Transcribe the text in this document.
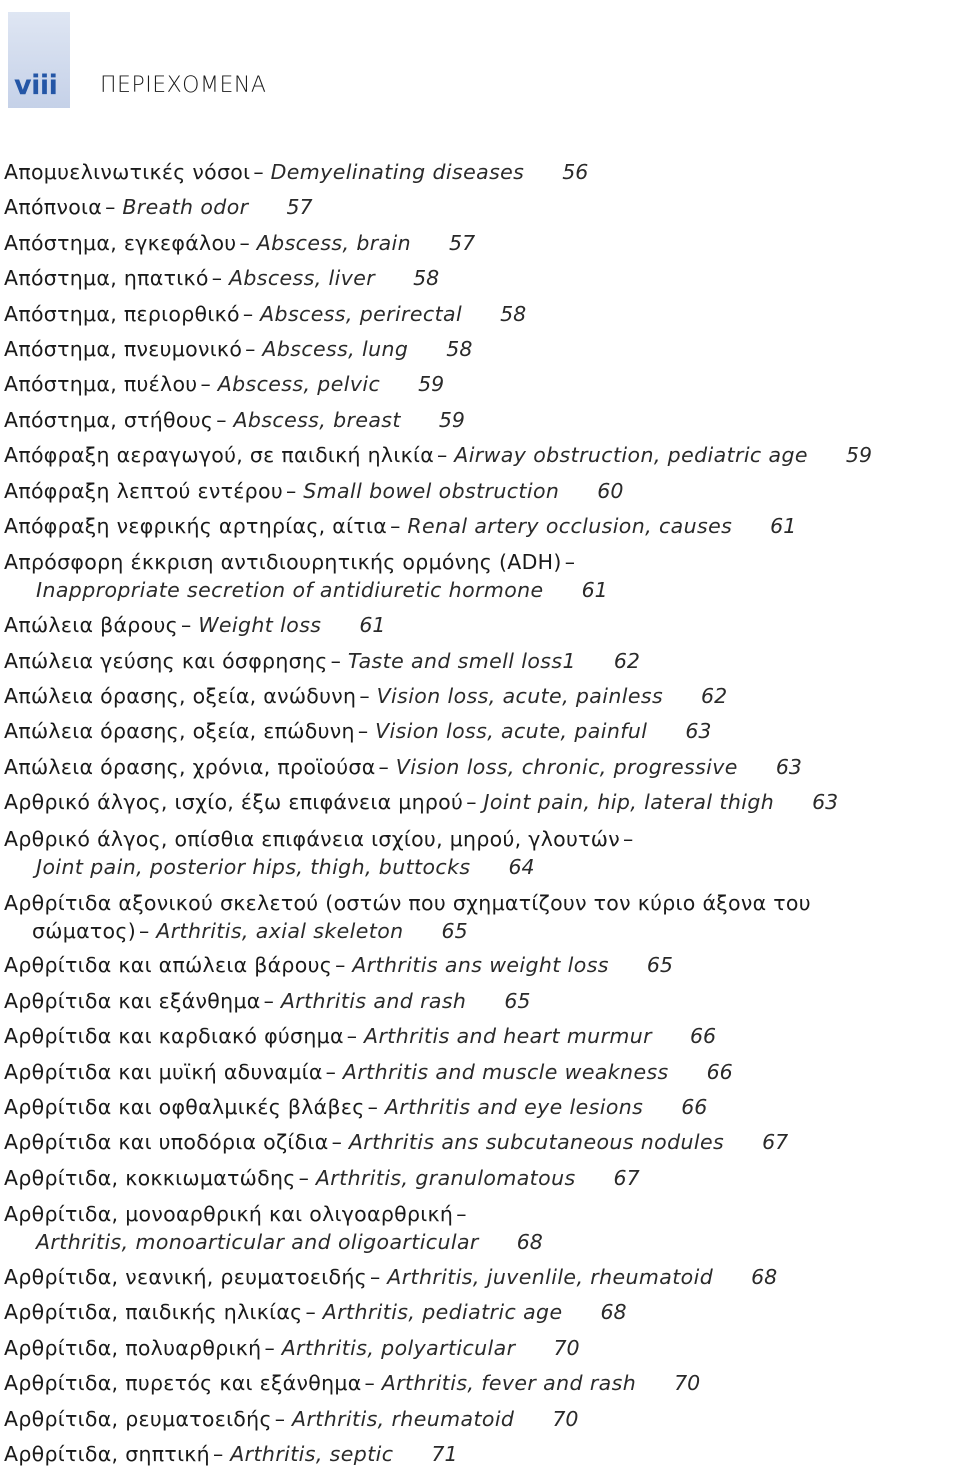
viii ΠΕΡΙΕΧΟΜΕΝΑ
Απομυελινωτικές νόσοι – Demyelinating diseases 56
Απόπνοια – Breath odor 57
Απόστημα, εγκεφάλου – Abscess, brain 57
Απόστημα, ηπατικό – Abscess, liver 58
Απόστημα, περιορθικό – Abscess, perirectal 58
Απόστημα, πνευμονικό – Abscess, lung 58
Απόστημα, πυέλου – Abscess, pelvic 59
Απόστημα, στήθους – Abscess, breast 59
Απόφραξη αεραγωγού, σε παιδική ηλικία – Airway obstruction, pediatric age 59
Απόφραξη λεπτού εντέρου – Small bowel obstruction 60
Απόφραξη νεφρικής αρτηρίας, αίτια – Renal artery occlusion, causes 61
Απρόσφορη έκκριση αντιδιουρητικής ορμόνης (ADH) –
Inappropriate secretion of antidiuretic hormone 61
Απώλεια βάρους – Weight loss 61
Απώλεια γεύσης και όσφρησης – Taste and smell loss1 62
Απώλεια όρασης, οξεία, ανώδυνη – Vision loss, acute, painless 62
Απώλεια όρασης, οξεία, επώδυνη – Vision loss, acute, painful 63
Απώλεια όρασης, χρόνια, προϊούσα – Vision loss, chronic, progressive 63
Αρθρικό άλγος, ισχίο, έξω επιφάνεια μηρού – Joint pain, hip, lateral thigh 63
Αρθρικό άλγος, οπίσθια επιφάνεια ισχίου, μηρού, γλουτών –
Joint pain, posterior hips, thigh, buttocks 64
Αρθρίτιδα αξονικού σκελετού (οστών που σχηματίζουν τον κύριο άξονα του
σώματος) – Arthritis, axial skeleton 65
Αρθρίτιδα και απώλεια βάρους – Arthritis ans weight loss 65
Αρθρίτιδα και εξάνθημα – Arthritis and rash 65
Αρθρίτιδα και καρδιακό φύσημα – Arthritis and heart murmur 66
Αρθρίτιδα και μυϊκή αδυναμία – Arthritis and muscle weakness 66
Αρθρίτιδα και οφθαλμικές βλάβες – Arthritis and eye lesions 66
Αρθρίτιδα και υποδόρια οζίδια – Arthritis ans subcutaneous nodules 67
Αρθρίτιδα, κοκκιωματώδης – Arthritis, granulomatous 67
Αρθρίτιδα, μονοαρθρική και ολιγοαρθρική –
Arthritis, monoarticular and oligoarticular 68
Αρθρίτιδα, νεανική, ρευματοειδής – Arthritis, juvenlile, rheumatoid 68
Αρθρίτιδα, παιδικής ηλικίας – Arthritis, pediatric age 68
Αρθρίτιδα, πολυαρθρική – Arthritis, polyarticular 70
Αρθρίτιδα, πυρετός και εξάνθημα – Arthritis, fever and rash 70
Αρθρίτιδα, ρευματοειδής – Arthritis, rheumatoid 70
Αρθρίτιδα, σηπτική – Arthritis, septic 71
